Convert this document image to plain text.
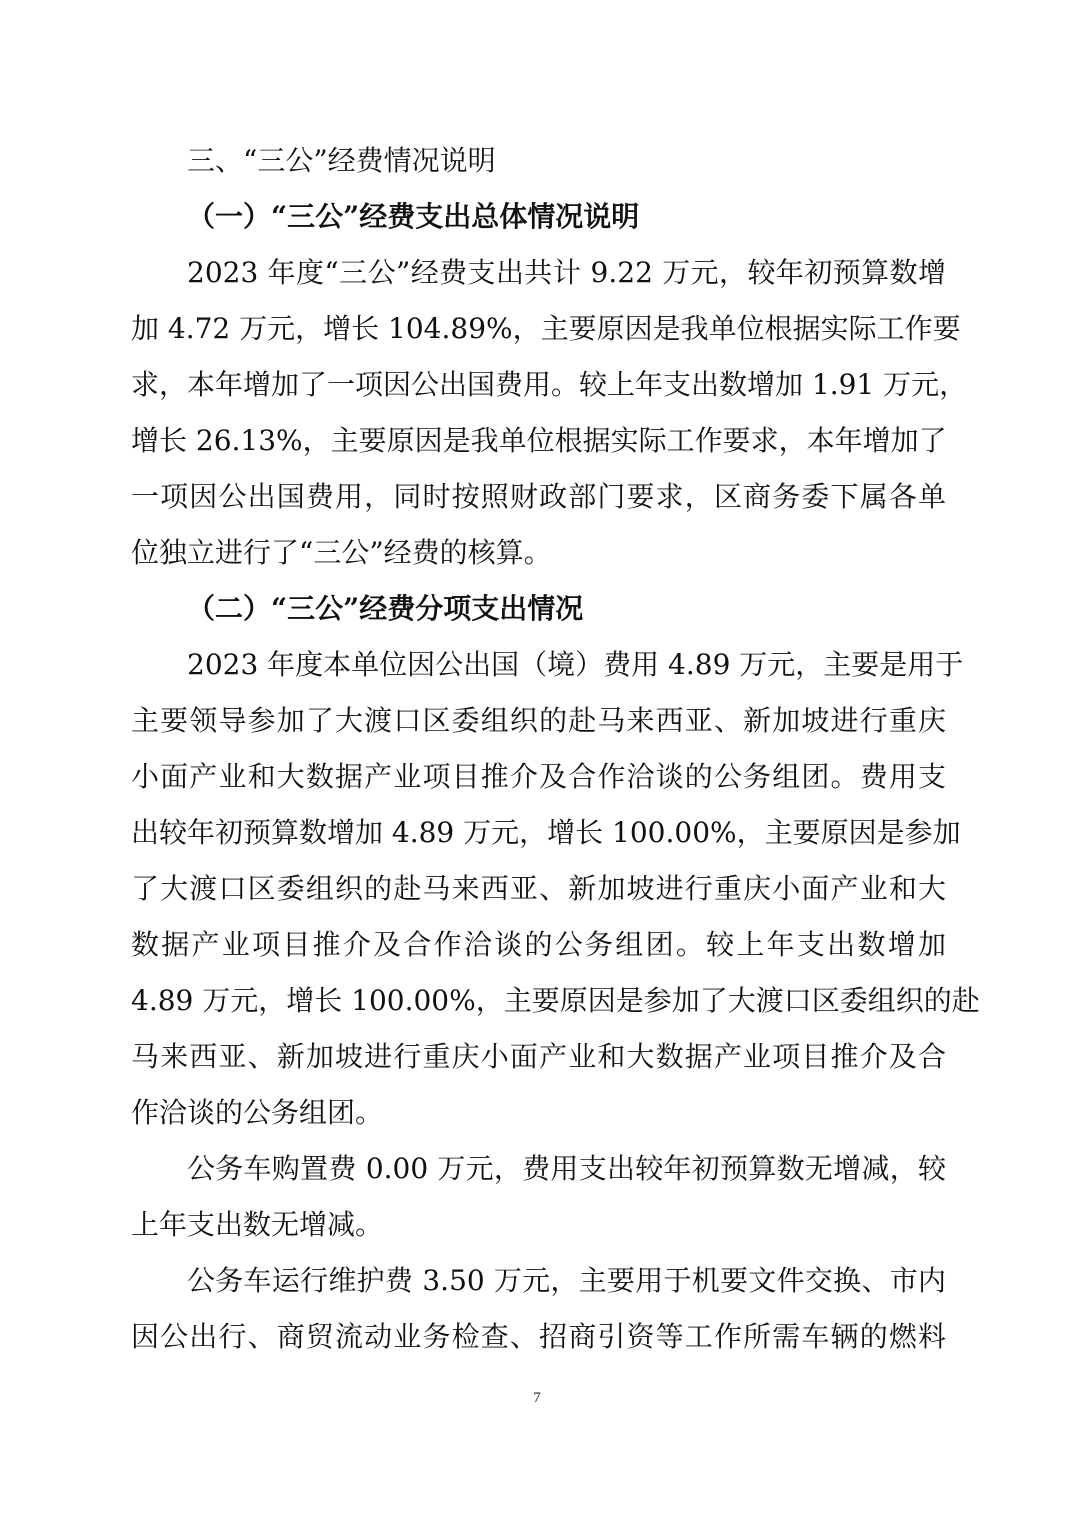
三、“三公”经费情况说明
（一）“三公”经费支出总体情况说明
2023 年度“三公”经费支出共计 9.22 万元，较年初预算数增
加 4.72 万元，增长 104.89%，主要原因是我单位根据实际工作要
求，本年增加了一项因公出国费用。较上年支出数增加 1.91 万元，
增长 26.13%，主要原因是我单位根据实际工作要求，本年增加了
一项因公出国费用，同时按照财政部门要求，区商务委下属各单
位独立进行了“三公”经费的核算。
（二）“三公”经费分项支出情况
2023 年度本单位因公出国（境）费用 4.89 万元，主要是用于
主要领导参加了大渡口区委组织的赴马来西亚、新加坡进行重庆
小面产业和大数据产业项目推介及合作洽谈的公务组团。费用支
出较年初预算数增加 4.89 万元，增长 100.00%，主要原因是参加
了大渡口区委组织的赴马来西亚、新加坡进行重庆小面产业和大
数据产业项目推介及合作洽谈的公务组团。较上年支出数增加
4.89 万元，增长 100.00%，主要原因是参加了大渡口区委组织的赴
马来西亚、新加坡进行重庆小面产业和大数据产业项目推介及合
作洽谈的公务组团。
公务车购置费 0.00 万元，费用支出较年初预算数无增减，较
上年支出数无增减。
公务车运行维护费 3.50 万元，主要用于机要文件交换、市内
因公出行、商贸流动业务检查、招商引资等工作所需车辆的燃料
7
